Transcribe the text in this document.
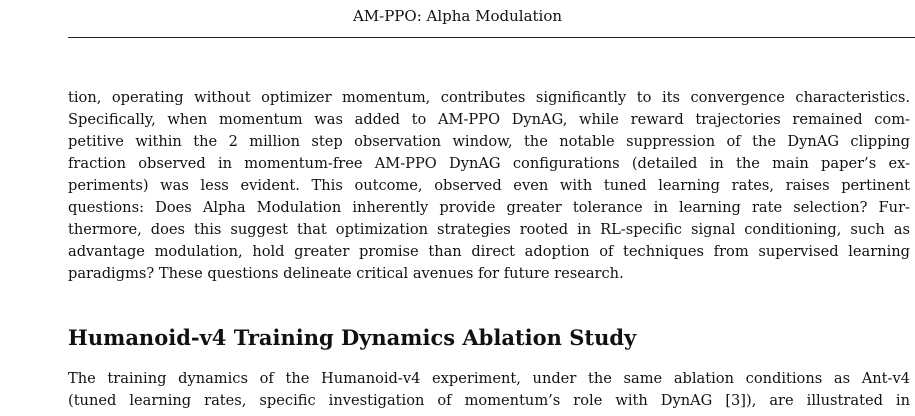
AM-PPO: Alpha Modulation
tion, operating without optimizer momentum, contributes significantly to its convergence characteristics.
Specifically, when momentum was added to AM-PPO DynAG, while reward trajectories remained com-
petitive within the 2 million step observation window, the notable suppression of the DynAG clipping
fraction observed in momentum-free AM-PPO DynAG configurations (detailed in the main paper’s ex-
periments) was less evident. This outcome, observed even with tuned learning rates, raises pertinent
questions: Does Alpha Modulation inherently provide greater tolerance in learning rate selection? Fur-
thermore, does this suggest that optimization strategies rooted in RL-specific signal conditioning, such as
advantage modulation, hold greater promise than direct adoption of techniques from supervised learning
paradigms? These questions delineate critical avenues for future research.
Humanoid-v4 Training Dynamics Ablation Study
The training dynamics of the Humanoid-v4 experiment, under the same ablation conditions as Ant-v4
(tuned learning rates, specific investigation of momentum’s role with DynAG [3]), are illustrated in
